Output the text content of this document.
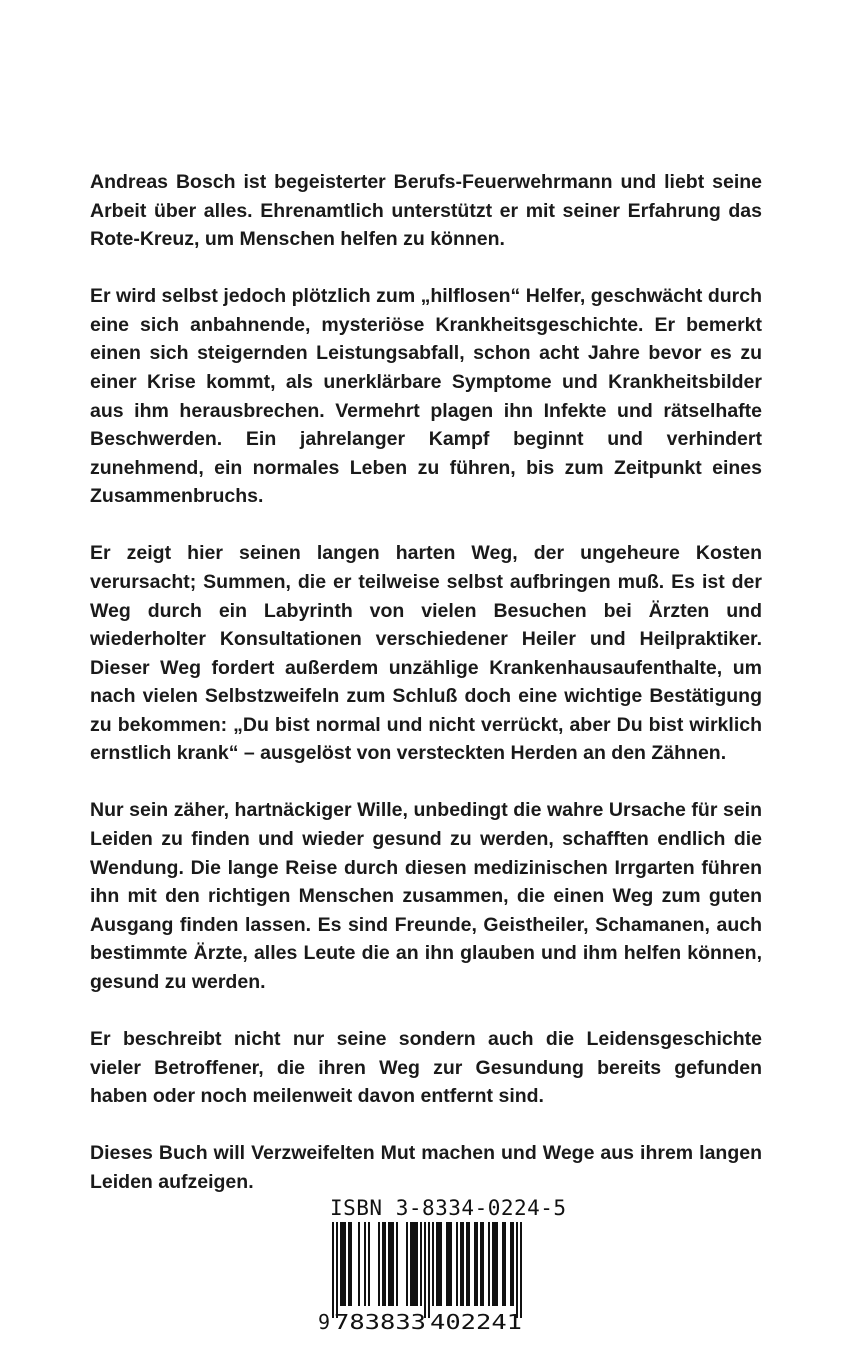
Andreas Bosch ist begeisterter Berufs-Feuerwehrmann und liebt seine Arbeit über alles. Ehrenamtlich unterstützt er mit seiner Erfahrung das Rote-Kreuz, um Menschen helfen zu können.

Er wird selbst jedoch plötzlich zum „hilflosen“ Helfer, geschwächt durch eine sich anbahnende, mysteriöse Krankheitsgeschichte. Er bemerkt einen sich steigernden Leistungsabfall, schon acht Jahre bevor es zu einer Krise kommt, als unerklärbare Symptome und Krankheitsbilder aus ihm herausbrechen. Vermehrt plagen ihn Infekte und rätselhafte Beschwerden. Ein jahrelanger Kampf beginnt und verhindert zunehmend, ein normales Leben zu führen, bis zum Zeitpunkt eines Zusammenbruchs.

Er zeigt hier seinen langen harten Weg, der ungeheure Kosten verursacht; Summen, die er teilweise selbst aufbringen muß. Es ist der Weg durch ein Labyrinth von vielen Besuchen bei Ärzten und wiederholter Konsultationen verschiedener Heiler und Heilpraktiker. Dieser Weg fordert außerdem unzählige Krankenhausaufenthalte, um nach vielen Selbstzweifeln zum Schluß doch eine wichtige Bestätigung zu bekommen: „Du bist normal und nicht verrückt, aber Du bist wirklich ernstlich krank“ – ausgelöst von versteckten Herden an den Zähnen.

Nur sein zäher, hartnäckiger Wille, unbedingt die wahre Ursache für sein Leiden zu finden und wieder gesund zu werden, schafften endlich die Wendung. Die lange Reise durch diesen medizinischen Irrgarten führen ihn mit den richtigen Menschen zusammen, die einen Weg zum guten Ausgang finden lassen. Es sind Freunde, Geistheiler, Schamanen, auch bestimmte Ärzte, alles Leute die an ihn glauben und ihm helfen können, gesund zu werden.

Er beschreibt nicht nur seine sondern auch die Leidensgeschichte vieler Betroffener, die ihren Weg zur Gesundung bereits gefunden haben oder noch meilenweit davon entfernt sind.

Dieses Buch will Verzweifelten Mut machen und Wege aus ihrem langen Leiden aufzeigen.

ISBN 3-8334-0224-5
9 783833 402241
